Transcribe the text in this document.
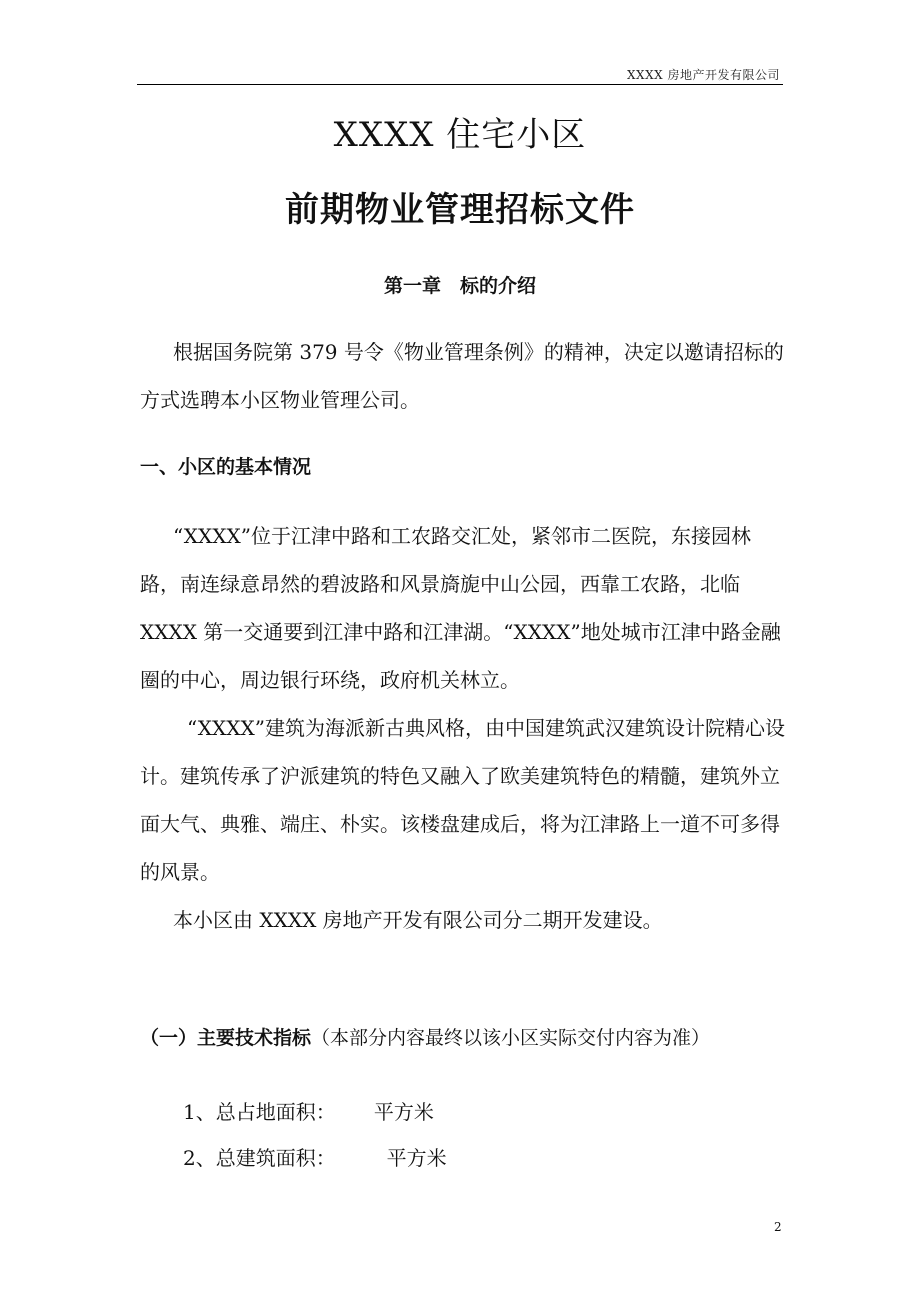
XXXX 房地产开发有限公司
XXXX 住宅小区
前期物业管理招标文件
第一章　标的介绍

根据国务院第 379 号令《物业管理条例》的精神，决定以邀请招标的方式选聘本小区物业管理公司。

一、小区的基本情况

“XXXX”位于江津中路和工农路交汇处，紧邻市二医院，东接园林路，南连绿意昂然的碧波路和风景旖旎中山公园，西靠工农路，北临 XXXX 第一交通要到江津中路和江津湖。“XXXX”地处城市江津中路金融圈的中心，周边银行环绕，政府机关林立。

“XXXX”建筑为海派新古典风格，由中国建筑武汉建筑设计院精心设计。建筑传承了沪派建筑的特色又融入了欧美建筑特色的精髓，建筑外立面大气、典雅、端庄、朴实。该楼盘建成后，将为江津路上一道不可多得的风景。

本小区由 XXXX 房地产开发有限公司分二期开发建设。

（一）主要技术指标（本部分内容最终以该小区实际交付内容为准）
1、总占地面积： 平方米
2、总建筑面积：	平方米
2
